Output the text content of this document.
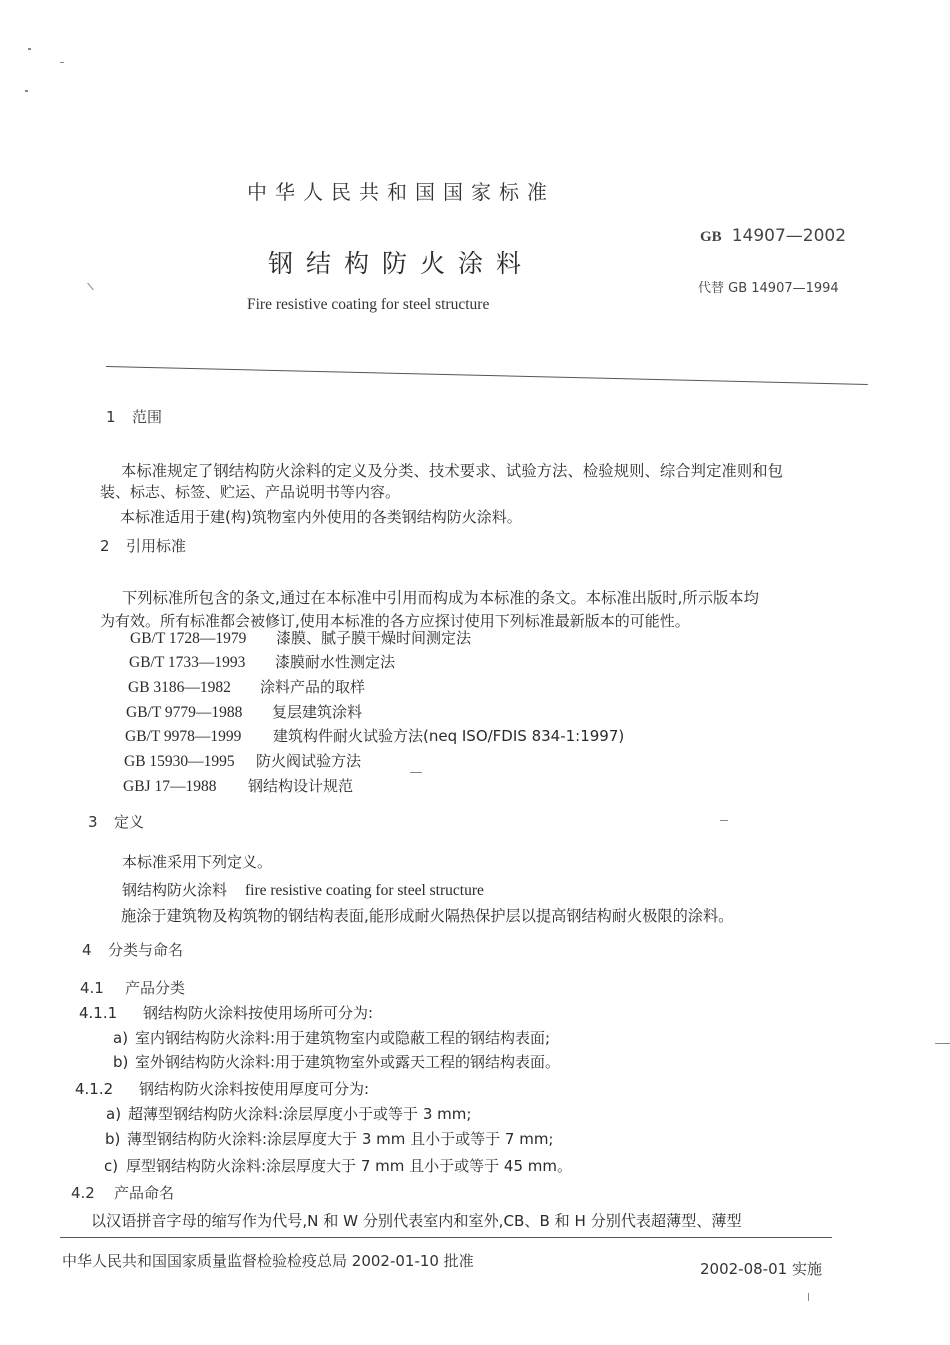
中华人民共和国国家标准
钢结构防火涂料
Fire resistive coating for steel structure
GB 14907—2002
代替 GB 14907—1994
1 范围
本标准规定了钢结构防火涂料的定义及分类、技术要求、试验方法、检验规则、综合判定准则和包
装、标志、标签、贮运、产品说明书等内容。
本标准适用于建(构)筑物室内外使用的各类钢结构防火涂料。
2 引用标准
下列标准所包含的条文,通过在本标准中引用而构成为本标准的条文。本标准出版时,所示版本均
为有效。所有标准都会被修订,使用本标准的各方应探讨使用下列标准最新版本的可能性。
GB/T 1728—1979 漆膜、腻子膜干燥时间测定法
GB/T 1733—1993 漆膜耐水性测定法
GB 3186—1982 涂料产品的取样
GB/T 9779—1988 复层建筑涂料
GB/T 9978—1999 建筑构件耐火试验方法(neq ISO/FDIS 834-1:1997)
GB 15930—1995 防火阀试验方法
GBJ 17—1988 钢结构设计规范
3 定义
本标准采用下列定义。
钢结构防火涂料 fire resistive coating for steel structure
施涂于建筑物及构筑物的钢结构表面,能形成耐火隔热保护层以提高钢结构耐火极限的涂料。
4 分类与命名
4.1 产品分类
4.1.1 钢结构防火涂料按使用场所可分为:
a) 室内钢结构防火涂料:用于建筑物室内或隐蔽工程的钢结构表面;
b) 室外钢结构防火涂料:用于建筑物室外或露天工程的钢结构表面。
4.1.2 钢结构防火涂料按使用厚度可分为:
a) 超薄型钢结构防火涂料:涂层厚度小于或等于 3 mm;
b) 薄型钢结构防火涂料:涂层厚度大于 3 mm 且小于或等于 7 mm;
c) 厚型钢结构防火涂料:涂层厚度大于 7 mm 且小于或等于 45 mm。
4.2 产品命名
以汉语拼音字母的缩写作为代号,N 和 W 分别代表室内和室外,CB、B 和 H 分别代表超薄型、薄型
中华人民共和国国家质量监督检验检疫总局 2002-01-10 批准	2002-08-01 实施
